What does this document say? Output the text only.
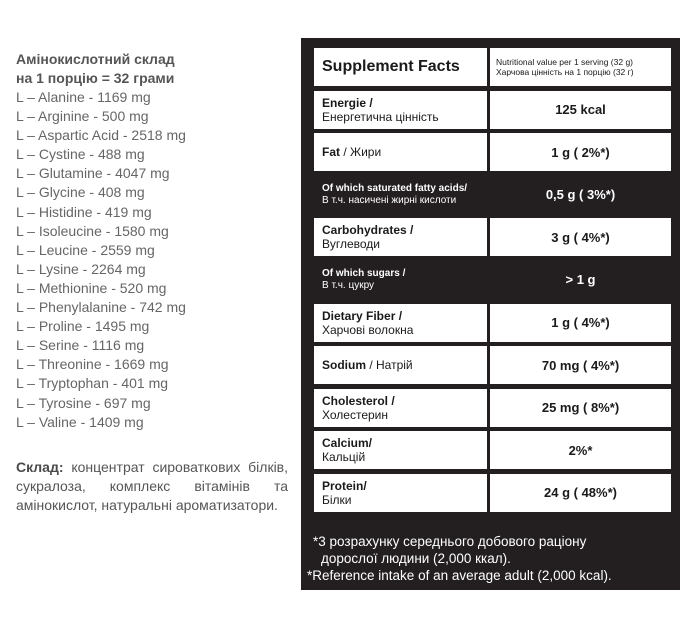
Амінокислотний склад

на 1 порцію = 32 грами

L – Alanine - 1169 mg
L – Arginine - 500 mg
L – Aspartic Acid - 2518 mg
L – Cystine - 488 mg
L – Glutamine - 4047 mg
L – Glycine - 408 mg
L – Histidine - 419 mg
L – Isoleucine - 1580 mg
L – Leucine - 2559 mg
L – Lysine - 2264 mg
L – Methionine - 520 mg
L – Phenylalanine - 742 mg
L – Proline - 1495 mg
L – Serine - 1116 mg
L – Threonine - 1669 mg
L – Tryptophan - 401 mg
L – Tyrosine - 697 mg
L – Valine - 1409 mg
Склад: концентрат сироваткових білків, сукралоза, комплекс вітамінів та амінокислот, натуральні ароматизатори.
Supplement Facts	Nutritional value per 1 serving (32 g)
Харчова цінність на 1 порцію (32 г)
Energie /
Енергетична цінність	125 kcal
Fat / Жири	1 g ( 2%*)
Of which saturated fatty acids/
В т.ч. насичені жирні кислоти	0,5 g ( 3%*)
Carbohydrates /
Вуглеводи	3 g ( 4%*)
Of which sugars /
В т.ч. цукру	> 1 g
Dietary Fiber /
Харчові волокна	1 g ( 4%*)
Sodium / Натрій	70 mg ( 4%*)
Cholesterol /
Холестерин	25 mg ( 8%*)
Calcium/
Кальцій	2%*
Protein/
Білки	24 g ( 48%*)
*3 розрахунку середнього добового раціону
дорослої людини (2,000 ккал).
*Reference intake of an average adult (2,000 kcal).
